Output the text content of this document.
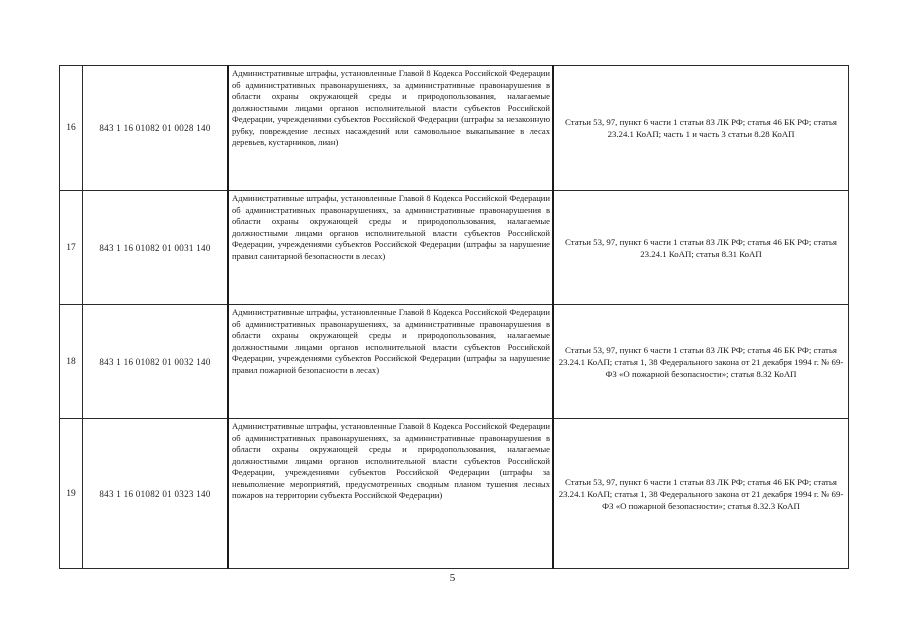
16	843 1 16 01082 01 0028 140	Административные штрафы, установленные Главой 8 Кодекса Российской Федерации об административных правонарушениях, за административные правонарушения в области охраны окружающей среды и природопользования, налагаемые должностными лицами органов исполнительной власти субъектов Российской Федерации, учреждениями субъектов Российской Федерации (штрафы за незаконную рубку, повреждение лесных насаждений или самовольное выкапывание в лесах деревьев, кустарников, лиан)	Статьи 53, 97, пункт 6 части 1 статьи 83 ЛК РФ; статья 46 БК РФ; статья 23.24.1 КоАП; часть 1 и часть 3 статьи 8.28 КоАП
17	843 1 16 01082 01 0031 140	Административные штрафы, установленные Главой 8 Кодекса Российской Федерации об административных правонарушениях, за административные правонарушения в области охраны окружающей среды и природопользования, налагаемые должностными лицами органов исполнительной власти субъектов Российской Федерации, учреждениями субъектов Российской Федерации (штрафы за нарушение правил санитарной безопасности в лесах)	Статьи 53, 97, пункт 6 части 1 статьи 83 ЛК РФ; статья 46 БК РФ; статья 23.24.1 КоАП; статья 8.31 КоАП
18	843 1 16 01082 01 0032 140	Административные штрафы, установленные Главой 8 Кодекса Российской Федерации об административных правонарушениях, за административные правонарушения в области охраны окружающей среды и природопользования, налагаемые должностными лицами органов исполнительной власти субъектов Российской Федерации, учреждениями субъектов Российской Федерации (штрафы за нарушение правил пожарной безопасности в лесах)	Статьи 53, 97, пункт 6 части 1 статьи 83 ЛК РФ; статья 46 БК РФ; статья 23.24.1 КоАП; статья 1, 38 Федерального закона от 21 декабря 1994 г. № 69-ФЗ «О пожарной безопасности»; статья 8.32 КоАП
19	843 1 16 01082 01 0323 140	Административные штрафы, установленные Главой 8 Кодекса Российской Федерации об административных правонарушениях, за административные правонарушения в области охраны окружающей среды и природопользования, налагаемые должностными лицами органов исполнительной власти субъектов Российской Федерации, учреждениями субъектов Российской Федерации (штрафы за невыполнение мероприятий, предусмотренных сводным планом тушения лесных пожаров на территории субъекта Российской Федерации)	Статьи 53, 97, пункт 6 части 1 статьи 83 ЛК РФ; статья 46 БК РФ; статья 23.24.1 КоАП; статья 1, 38 Федерального закона от 21 декабря 1994 г. № 69-ФЗ «О пожарной безопасности»; статья 8.32.3 КоАП
5
